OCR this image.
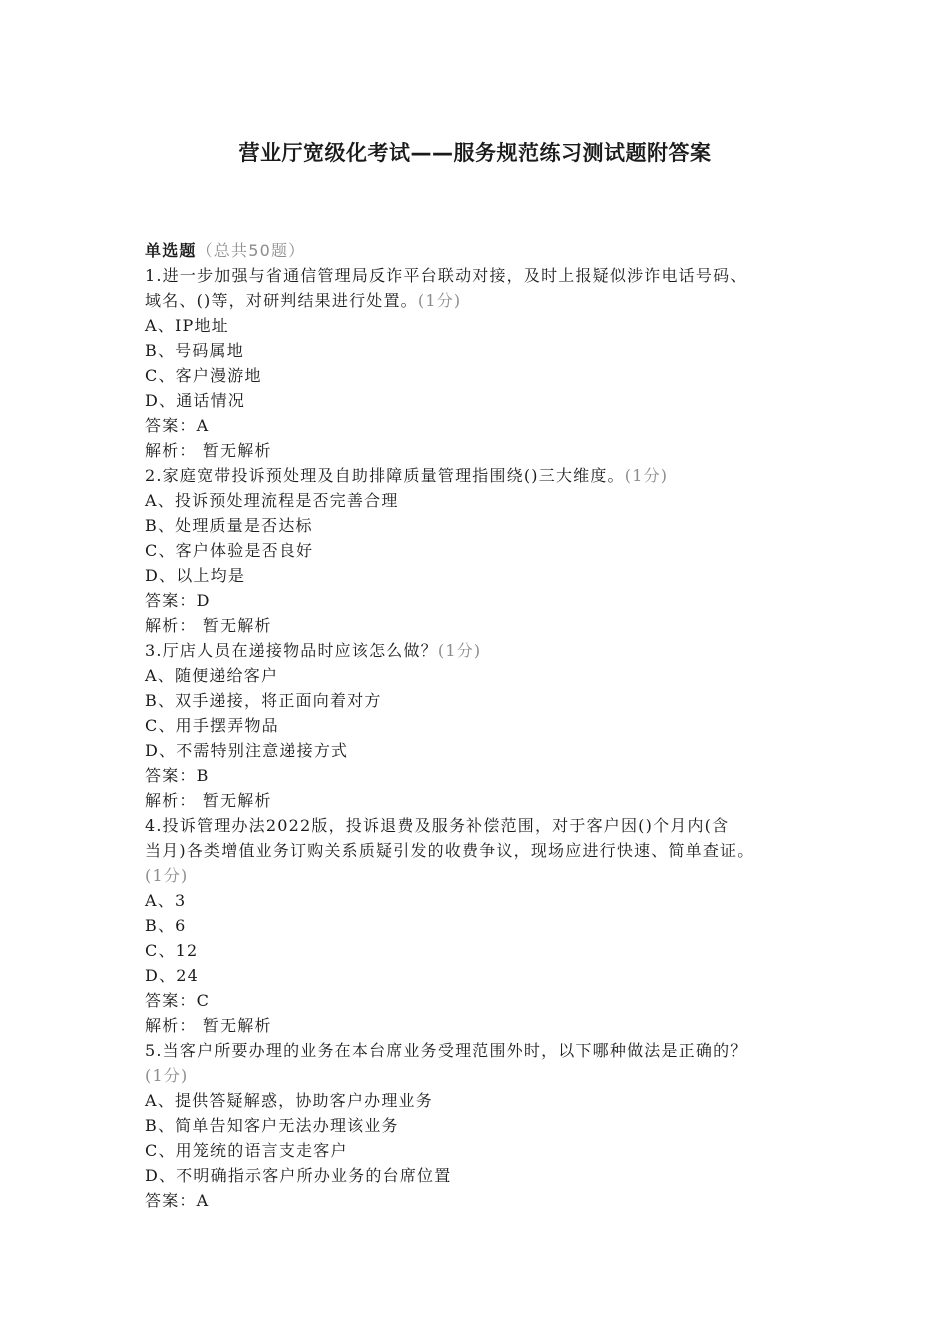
营业厅宽级化考试——服务规范练习测试题附答案
单选题（总共50题）
1.进一步加强与省通信管理局反诈平台联动对接，及时上报疑似涉诈电话号码、
域名、()等，对研判结果进行处置。(1分)
A、IP地址
B、号码属地
C、客户漫游地
D、通话情况
答案：A
解析： 暂无解析
2.家庭宽带投诉预处理及自助排障质量管理指围绕()三大维度。(1分)
A、投诉预处理流程是否完善合理
B、处理质量是否达标
C、客户体验是否良好
D、以上均是
答案：D
解析： 暂无解析
3.厅店人员在递接物品时应该怎么做？(1分)
A、随便递给客户
B、双手递接，将正面向着对方
C、用手摆弄物品
D、不需特别注意递接方式
答案：B
解析： 暂无解析
4.投诉管理办法2022版，投诉退费及服务补偿范围，对于客户因()个月内(含
当月)各类增值业务订购关系质疑引发的收费争议，现场应进行快速、简单查证。
(1分)
A、3
B、6
C、12
D、24
答案：C
解析： 暂无解析
5.当客户所要办理的业务在本台席业务受理范围外时，以下哪种做法是正确的？
(1分)
A、提供答疑解惑，协助客户办理业务
B、简单告知客户无法办理该业务
C、用笼统的语言支走客户
D、不明确指示客户所办业务的台席位置
答案：A
